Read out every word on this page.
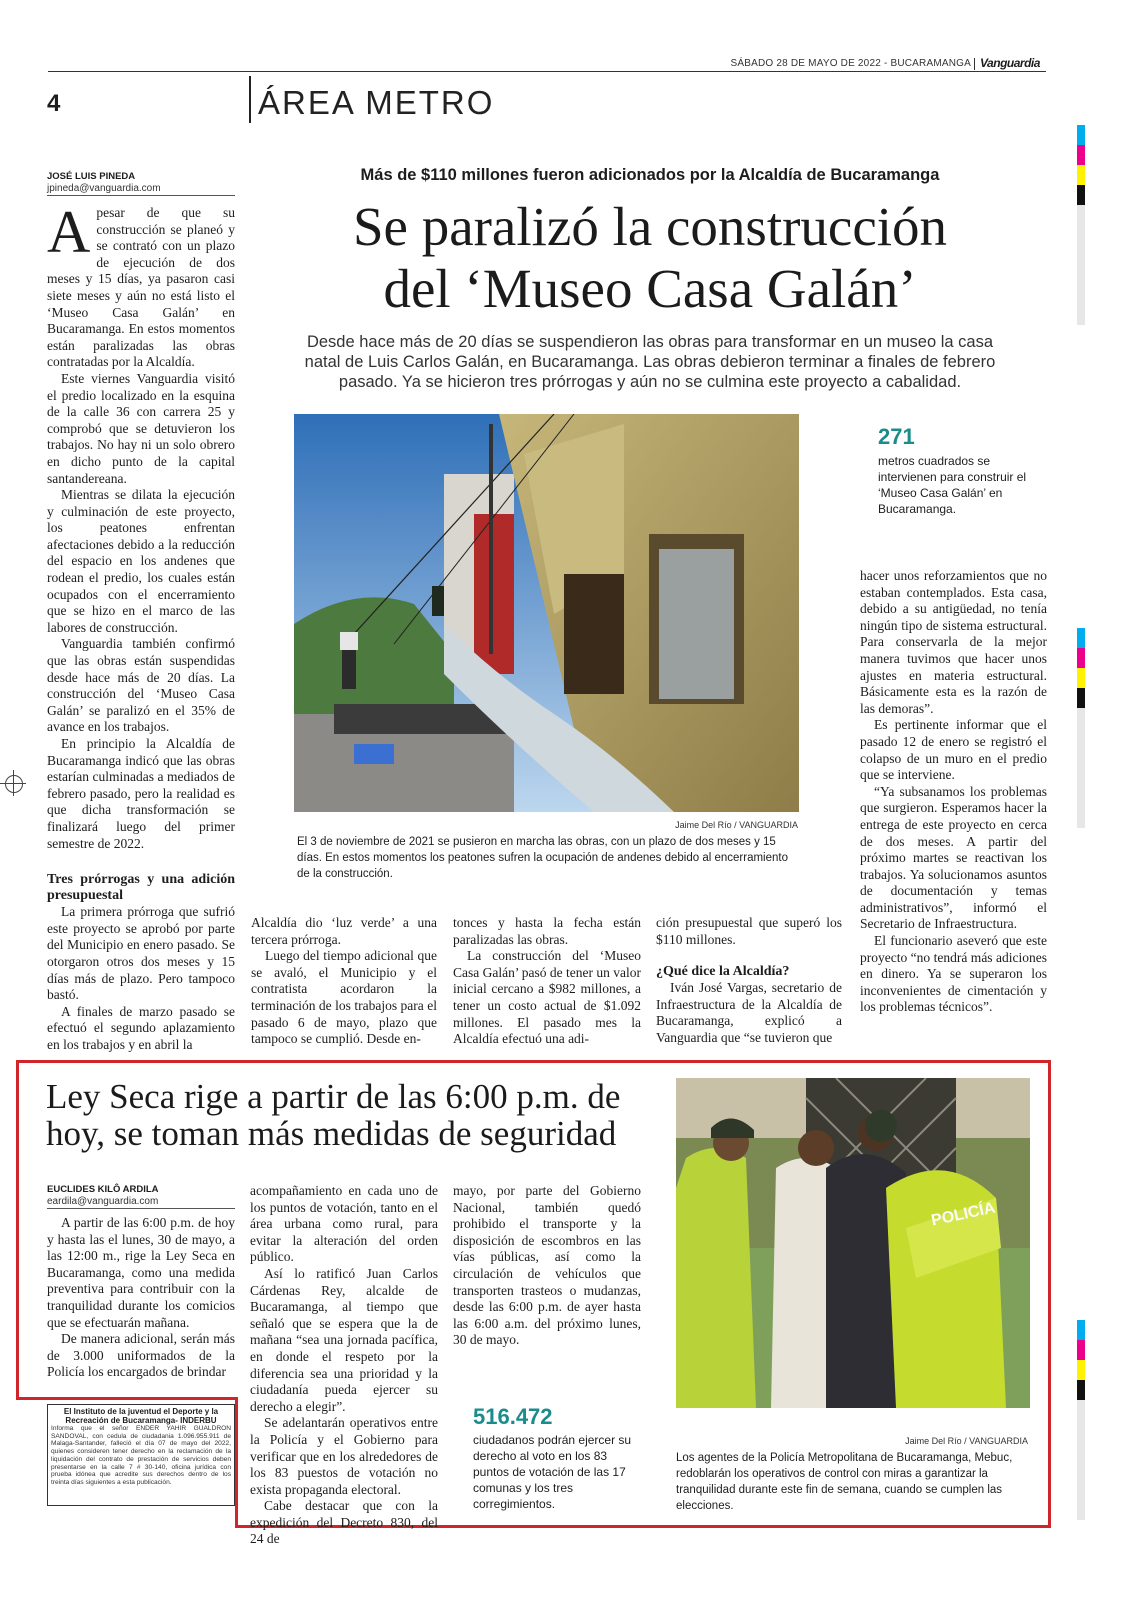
SÁBADO 28 DE MAYO DE 2022 - BUCARAMANGA Vanguardia
4	ÁREA METRO
JOSÉ LUIS PINEDA
jpineda@vanguardia.com
Más de $110 millones fueron adicionados por la Alcaldía de Bucaramanga
Se paralizó la construcción
del ‘Museo Casa Galán’
Desde hace más de 20 días se suspendieron las obras para transformar en un museo la casa natal de Luis Carlos Galán, en Bucaramanga. Las obras debieron terminar a finales de febrero pasado. Ya se hicieron tres prórrogas y aún no se culmina este proyecto a cabalidad.
A pesar de que su construcción se planeó y se contrató con un plazo de ejecución de dos meses y 15 días, ya pasaron casi siete meses y aún no está listo el ‘Museo Casa Galán’ en Bucaramanga. En estos momentos están paralizadas las obras contratadas por la Alcaldía.

Este viernes Vanguardia visitó el predio localizado en la esquina de la calle 36 con carrera 25 y comprobó que se detuvieron los trabajos. No hay ni un solo obrero en dicho punto de la capital santandereana.

Mientras se dilata la ejecución y culminación de este proyecto, los peatones enfrentan afectaciones debido a la reducción del espacio en los andenes que rodean el predio, los cuales están ocupados con el encerramiento que se hizo en el marco de las labores de construcción.

Vanguardia también confirmó que las obras están suspendidas desde hace más de 20 días. La construcción del ‘Museo Casa Galán’ se paralizó en el 35% de avance en los trabajos.

En principio la Alcaldía de Bucaramanga indicó que las obras estarían culminadas a mediados de febrero pasado, pero la realidad es que dicha transformación se finalizará luego del primer semestre de 2022.

Tres prórrogas y una adición presupuestal

La primera prórroga que sufrió este proyecto se aprobó por parte del Municipio en enero pasado. Se otorgaron otros dos meses y 15 días más de plazo. Pero tampoco bastó.

A finales de marzo pasado se efectuó el segundo aplazamiento en los trabajos y en abril la

Jaime Del Río / VANGUARDIA
El 3 de noviembre de 2021 se pusieron en marcha las obras, con un plazo de dos meses y 15 días. En estos momentos los peatones sufren la ocupación de andenes debido al encerramiento de la construcción.
271
metros cuadrados se intervienen para construir el ‘Museo Casa Galán’ en Bucaramanga.

Alcaldía dio ‘luz verde’ a una tercera prórroga.

Luego del tiempo adicional que se avaló, el Municipio y el contratista acordaron la terminación de los trabajos para el pasado 6 de mayo, plazo que tampoco se cumplió. Desde en-

tonces y hasta la fecha están paralizadas las obras.

La construcción del ‘Museo Casa Galán’ pasó de tener un valor inicial cercano a $982 millones, a tener un costo actual de $1.092 millones. El pasado mes la Alcaldía efectuó una adi-

ción presupuestal que superó los $110 millones.

¿Qué dice la Alcaldía?

Iván José Vargas, secretario de Infraestructura de la Alcaldía de Bucaramanga, explicó a Vanguardia que “se tuvieron que

hacer unos reforzamientos que no estaban contemplados. Esta casa, debido a su antigüedad, no tenía ningún tipo de sistema estructural. Para conservarla de la mejor manera tuvimos que hacer unos ajustes en materia estructural. Básicamente esta es la razón de las demoras”.

Es pertinente informar que el pasado 12 de enero se registró el colapso de un muro en el predio que se interviene.

“Ya subsanamos los problemas que surgieron. Esperamos hacer la entrega de este proyecto en cerca de dos meses. A partir del próximo martes se reactivan los trabajos. Ya solucionamos asuntos de documentación y temas administrativos”, informó el Secretario de Infraestructura.

El funcionario aseveró que este proyecto “no tendrá más adiciones en dinero. Ya se superaron los inconvenientes de cimentación y los problemas técnicos”.

Ley Seca rige a partir de las 6:00 p.m. de
hoy, se toman más medidas de seguridad
EUCLIDES KILÔ ARDILA
eardila@vanguardia.com

A partir de las 6:00 p.m. de hoy y hasta las el lunes, 30 de mayo, a las 12:00 m., rige la Ley Seca en Bucaramanga, como una medida preventiva para contribuir con la tranquilidad durante los comicios que se efectuarán mañana.

De manera adicional, serán más de 3.000 uniformados de la Policía los encargados de brindar

acompañamiento en cada uno de los puntos de votación, tanto en el área urbana como rural, para evitar la alteración del orden público.

Así lo ratificó Juan Carlos Cárdenas Rey, alcalde de Bucaramanga, al tiempo que señaló que se espera que la de mañana “sea una jornada pacífica, en donde el respeto por la diferencia sea una prioridad y la ciudadanía pueda ejercer su derecho a elegir”.

Se adelantarán operativos entre la Policía y el Gobierno para verificar que en los alrededores de los 83 puestos de votación no exista propaganda electoral.

Cabe destacar que con la expedición del Decreto 830, del 24 de

mayo, por parte del Gobierno Nacional, también quedó prohibido el transporte y la disposición de escombros en las vías públicas, así como la circulación de vehículos que transporten trasteos o mudanzas, desde las 6:00 p.m. de ayer hasta las 6:00 a.m. del próximo lunes, 30 de mayo.

516.472
ciudadanos podrán ejercer su derecho al voto en los 83 puntos de votación de las 17 comunas y los tres corregimientos.
POLICÍA
Jaime Del Río / VANGUARDIA
Los agentes de la Policía Metropolitana de Bucaramanga, Mebuc, redoblarán los operativos de control con miras a garantizar la tranquilidad durante este fin de semana, cuando se cumplen las elecciones.
El Instituto de la juventud el Deporte y la Recreación de Bucaramanga- INDERBU
Informa que el señor ENDER YAHIR GUALDRON SANDOVAL, con cedula de ciudadania 1.096.955.911 de Malaga-Santander, falleció el día 07 de mayo del 2022, quienes consideren tener derecho en la reclamación de la liquidación del contrato de prestación de servicios deben presentarse en la calle 7 # 30-140, oficina jurídica con prueba idónea que acredite sus derechos dentro de los treinta días siguientes a esta publicación.
